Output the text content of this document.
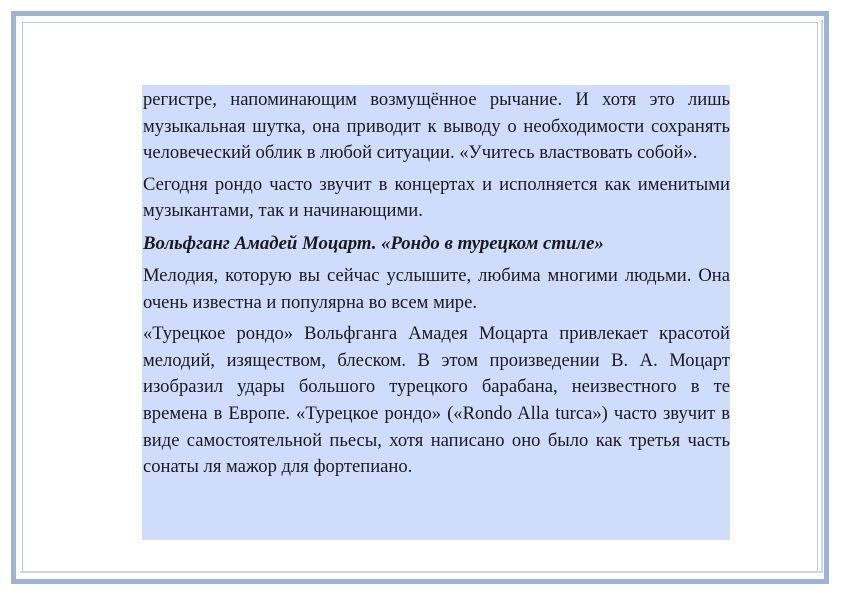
регистре, напоминающим возмущённое рычание. И хотя это лишь музыкальная шутка, она приводит к выводу о необходимости сохранять человеческий облик в любой ситуации. «Учитесь властвовать собой».

Сегодня рондо часто звучит в концертах и исполняется как именитыми музыкантами, так и начинающими.

Вольфганг Амадей Моцарт. «Рондо в турецком стиле»

Мелодия, которую вы сейчас услышите, любима многими людьми. Она очень известна и популярна во всем мире.

«Турецкое рондо» Вольфганга Амадея Моцарта привлекает красотой мелодий, изяществом, блеском. В этом произведении В. А. Моцарт изобразил удары большого турецкого барабана, неизвестного в те времена в Европе. «Турецкое рондо» («Rondo Alla turca») часто звучит в виде самостоятельной пьесы, хотя написано оно было как третья часть сонаты ля мажор для фортепиано.
